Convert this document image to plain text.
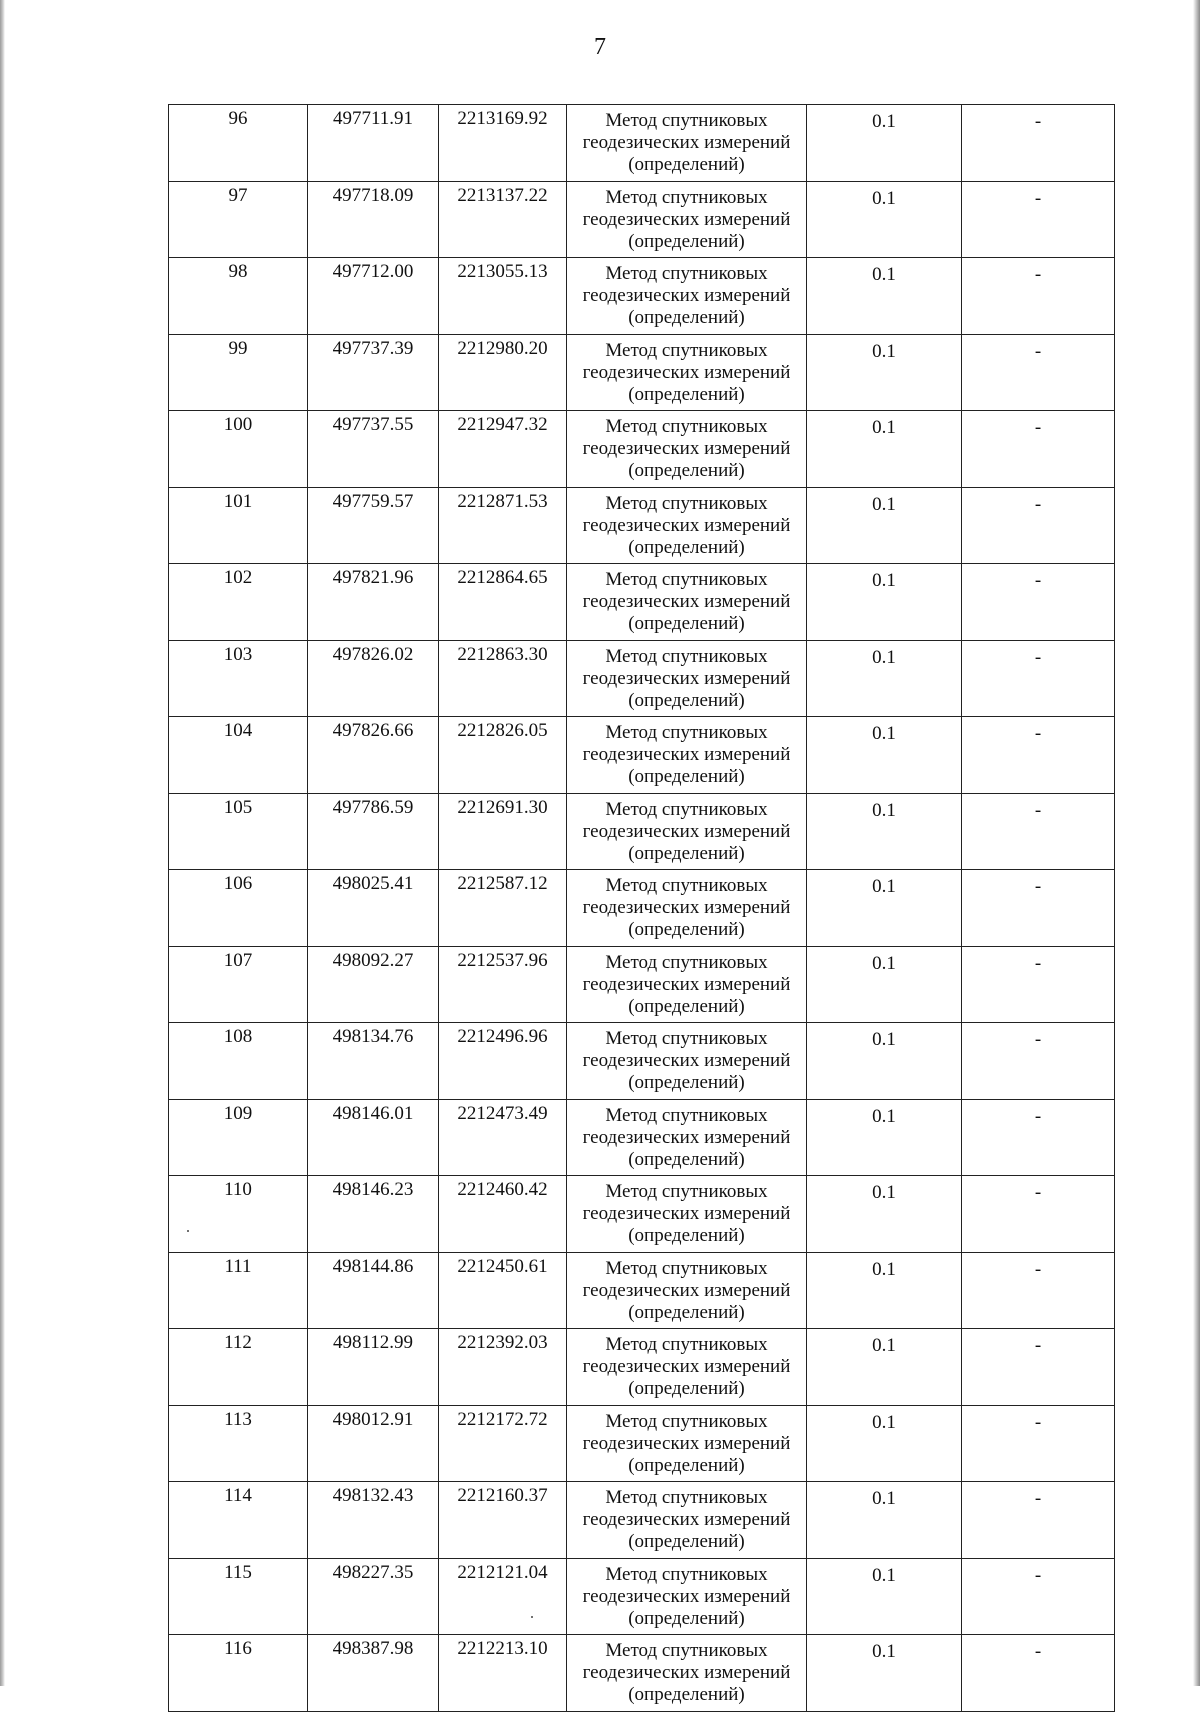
7
96	497711.91	2213169.92	Метод спутниковых
геодезических измерений
(определений)	0.1	-
97	497718.09	2213137.22	Метод спутниковых
геодезических измерений
(определений)	0.1	-
98	497712.00	2213055.13	Метод спутниковых
геодезических измерений
(определений)	0.1	-
99	497737.39	2212980.20	Метод спутниковых
геодезических измерений
(определений)	0.1	-
100	497737.55	2212947.32	Метод спутниковых
геодезических измерений
(определений)	0.1	-
101	497759.57	2212871.53	Метод спутниковых
геодезических измерений
(определений)	0.1	-
102	497821.96	2212864.65	Метод спутниковых
геодезических измерений
(определений)	0.1	-
103	497826.02	2212863.30	Метод спутниковых
геодезических измерений
(определений)	0.1	-
104	497826.66	2212826.05	Метод спутниковых
геодезических измерений
(определений)	0.1	-
105	497786.59	2212691.30	Метод спутниковых
геодезических измерений
(определений)	0.1	-
106	498025.41	2212587.12	Метод спутниковых
геодезических измерений
(определений)	0.1	-
107	498092.27	2212537.96	Метод спутниковых
геодезических измерений
(определений)	0.1	-
108	498134.76	2212496.96	Метод спутниковых
геодезических измерений
(определений)	0.1	-
109	498146.01	2212473.49	Метод спутниковых
геодезических измерений
(определений)	0.1	-
110	498146.23	2212460.42	Метод спутниковых
геодезических измерений
(определений)	0.1	-
111	498144.86	2212450.61	Метод спутниковых
геодезических измерений
(определений)	0.1	-
112	498112.99	2212392.03	Метод спутниковых
геодезических измерений
(определений)	0.1	-
113	498012.91	2212172.72	Метод спутниковых
геодезических измерений
(определений)	0.1	-
114	498132.43	2212160.37	Метод спутниковых
геодезических измерений
(определений)	0.1	-
115	498227.35	2212121.04	Метод спутниковых
геодезических измерений
(определений)	0.1	-
116	498387.98	2212213.10	Метод спутниковых
геодезических измерений
(определений)	0.1	-
